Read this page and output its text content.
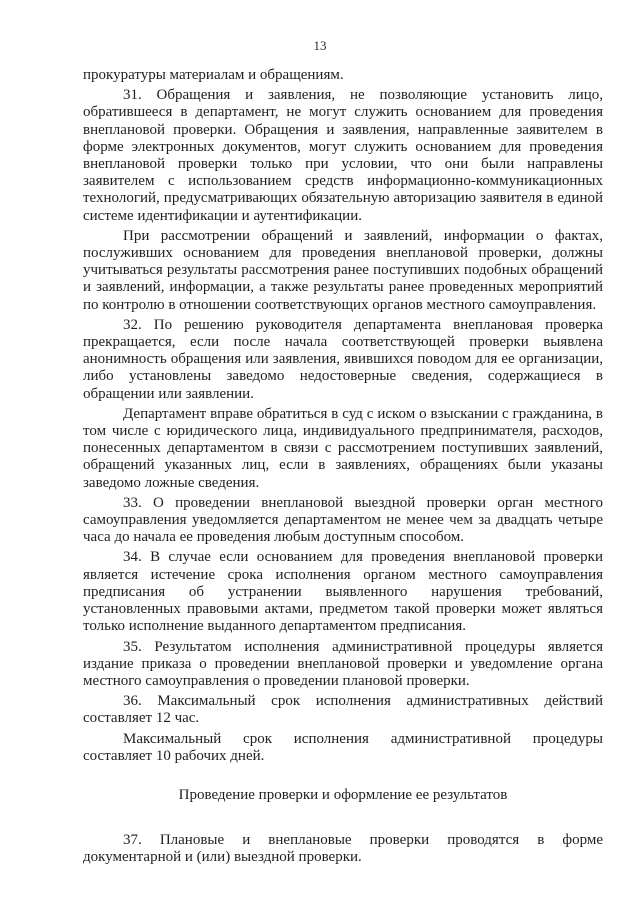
13

прокуратуры материалам и обращениям.

31. Обращения и заявления, не позволяющие установить лицо, обратившееся в департамент, не могут служить основанием для проведения внеплановой проверки. Обращения и заявления, направленные заявителем в форме электронных документов, могут служить основанием для проведения внеплановой проверки только при условии, что они были направлены заявителем с использованием средств информационно-коммуникационных технологий, предусматривающих обязательную авторизацию заявителя в единой системе идентификации и аутентификации.

При рассмотрении обращений и заявлений, информации о фактах, послуживших основанием для проведения внеплановой проверки, должны учитываться результаты рассмотрения ранее поступивших подобных обращений и заявлений, информации, а также результаты ранее проведенных мероприятий по контролю в отношении соответствующих органов местного самоуправления.

32. По решению руководителя департамента внеплановая проверка прекращается, если после начала соответствующей проверки выявлена анонимность обращения или заявления, явившихся поводом для ее организации, либо установлены заведомо недостоверные сведения, содержащиеся в обращении или заявлении.

Департамент вправе обратиться в суд с иском о взыскании с гражданина, в том числе с юридического лица, индивидуального предпринимателя, расходов, понесенных департаментом в связи с рассмотрением поступивших заявлений, обращений указанных лиц, если в заявлениях, обращениях были указаны заведомо ложные сведения.

33. О проведении внеплановой выездной проверки орган местного самоуправления уведомляется департаментом не менее чем за двадцать четыре часа до начала ее проведения любым доступным способом.

34. В случае если основанием для проведения внеплановой проверки является истечение срока исполнения органом местного самоуправления предписания об устранении выявленного нарушения требований, установленных правовыми актами, предметом такой проверки может являться только исполнение выданного департаментом предписания.

35. Результатом исполнения административной процедуры является издание приказа о проведении внеплановой проверки и уведомление органа местного самоуправления о проведении плановой проверки.

36. Максимальный срок исполнения административных действий составляет 12 час.

Максимальный срок исполнения административной процедуры составляет 10 рабочих дней.

Проведение проверки и оформление ее результатов

37. Плановые и внеплановые проверки проводятся в форме документарной и (или) выездной проверки.
